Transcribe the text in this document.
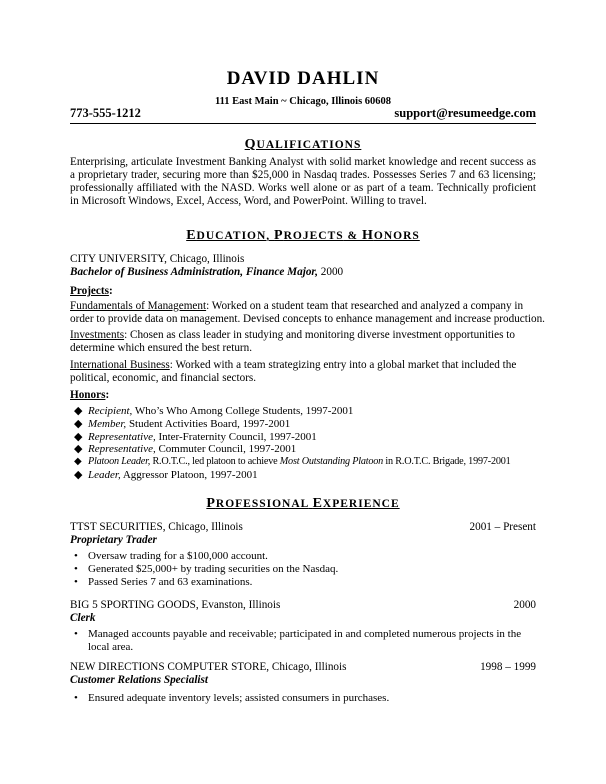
DAVID DAHLIN
111 East Main ~ Chicago, Illinois 60608
773-555-1212	support@resumeedge.com
QUALIFICATIONS
Enterprising, articulate Investment Banking Analyst with solid market knowledge and recent success as a proprietary trader, securing more than $25,000 in Nasdaq trades. Possesses Series 7 and 63 licensing; professionally affiliated with the NASD. Works well alone or as part of a team. Technically proficient in Microsoft Windows, Excel, Access, Word, and PowerPoint. Willing to travel.
EDUCATION, PROJECTS & HONORS
CITY UNIVERSITY, Chicago, Illinois
Bachelor of Business Administration, Finance Major, 2000
Projects:
Fundamentals of Management: Worked on a student team that researched and analyzed a company in
order to provide data on management. Devised concepts to enhance management and increase production.
Investments: Chosen as class leader in studying and monitoring diverse investment opportunities to
determine which ensured the best return.
International Business: Worked with a team strategizing entry into a global market that included the
political, economic, and financial sectors.
Honors:
◆ Recipient, Who’s Who Among College Students, 1997-2001
◆ Member, Student Activities Board, 1997-2001
◆ Representative, Inter-Fraternity Council, 1997-2001
◆ Representative, Commuter Council, 1997-2001
◆ Platoon Leader, R.O.T.C., led platoon to achieve Most Outstanding Platoon in R.O.T.C. Brigade, 1997-2001
◆ Leader, Aggressor Platoon, 1997-2001
PROFESSIONAL EXPERIENCE
TTST SECURITIES, Chicago, Illinois	2001 – Present
Proprietary Trader
• Oversaw trading for a $100,000 account.
• Generated $25,000+ by trading securities on the Nasdaq.
• Passed Series 7 and 63 examinations.
BIG 5 SPORTING GOODS, Evanston, Illinois	2000
Clerk
• Managed accounts payable and receivable; participated in and completed numerous projects in the
local area.
NEW DIRECTIONS COMPUTER STORE, Chicago, Illinois	1998 – 1999
Customer Relations Specialist
• Ensured adequate inventory levels; assisted consumers in purchases.
